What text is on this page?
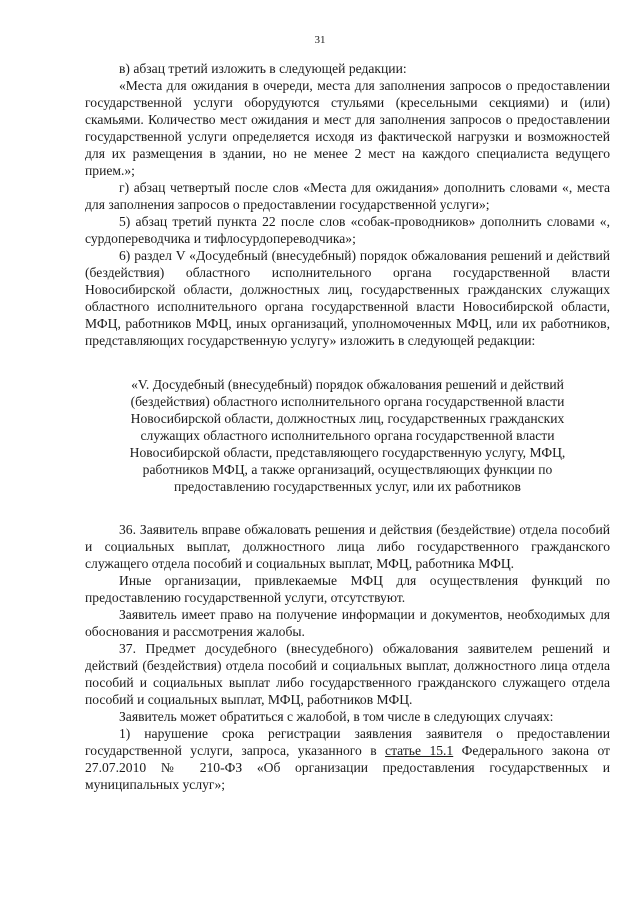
31

в) абзац третий изложить в следующей редакции:

«Места для ожидания в очереди, места для заполнения запросов о предоставлении государственной услуги оборудуются стульями (кресельными секциями) и (или) скамьями. Количество мест ожидания и мест для заполнения запросов о предоставлении государственной услуги определяется исходя из фактической нагрузки и возможностей для их размещения в здании, но не менее 2 мест на каждого специалиста ведущего прием.»;

г) абзац четвертый после слов «Места для ожидания» дополнить словами «, места для заполнения запросов о предоставлении государственной услуги»;

5) абзац третий пункта 22 после слов «собак-проводников» дополнить словами «, сурдопереводчика и тифлосурдопереводчика»;

6) раздел V «Досудебный (внесудебный) порядок обжалования решений и действий (бездействия) областного исполнительного органа государственной власти Новосибирской области, должностных лиц, государственных гражданских служащих областного исполнительного органа государственной власти Новосибирской области, МФЦ, работников МФЦ, иных организаций, уполномоченных МФЦ, или их работников, представляющих государственную услугу» изложить в следующей редакции:

«V. Досудебный (внесудебный) порядок обжалования решений и действий
(бездействия) областного исполнительного органа государственной власти
Новосибирской области, должностных лиц, государственных гражданских
служащих областного исполнительного органа государственной власти
Новосибирской области, представляющего государственную услугу, МФЦ,
работников МФЦ, а также организаций, осуществляющих функции по
предоставлению государственных услуг, или их работников

36. Заявитель вправе обжаловать решения и действия (бездействие) отдела пособий и социальных выплат, должностного лица либо государственного гражданского служащего отдела пособий и социальных выплат, МФЦ, работника МФЦ.

Иные организации, привлекаемые МФЦ для осуществления функций по предоставлению государственной услуги, отсутствуют.

Заявитель имеет право на получение информации и документов, необходимых для обоснования и рассмотрения жалобы.

37. Предмет досудебного (внесудебного) обжалования заявителем решений и действий (бездействия) отдела пособий и социальных выплат, должностного лица отдела пособий и социальных выплат либо государственного гражданского служащего отдела пособий и социальных выплат, МФЦ, работников МФЦ.

Заявитель может обратиться с жалобой, в том числе в следующих случаях:

1) нарушение срока регистрации заявления заявителя о предоставлении государственной услуги, запроса, указанного в статье 15.1 Федерального закона от 27.07.2010 № 210-ФЗ «Об организации предоставления государственных и муниципальных услуг»;
